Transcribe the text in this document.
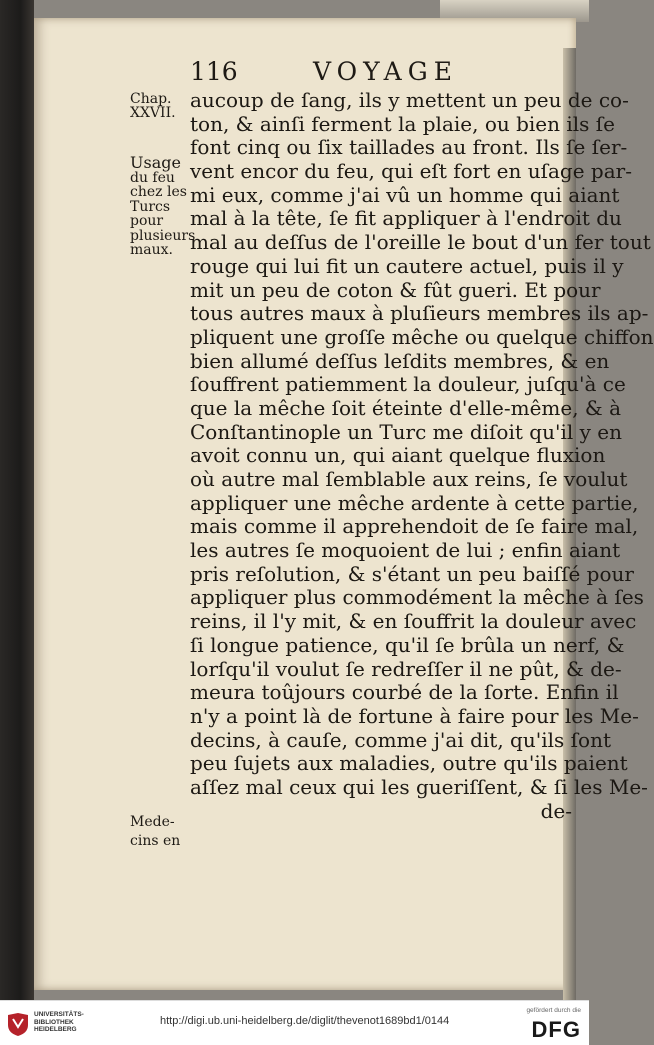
116	VOYAGE
Chap.
XXVII.
Usage
du feu
chez les
Turcs
pour
plusieurs
maux.
Mede-
cins en
aucoup de ſang, ils y mettent un peu de co-
ton, & ainſi ferment la plaie, ou bien ils ſe
font cinq ou ſix taillades au front. Ils ſe ſer-
vent encor du feu, qui eſt fort en uſage par-
mi eux, comme j'ai vû un homme qui aiant
mal à la tête, ſe fit appliquer à l'endroit du
mal au deſſus de l'oreille le bout d'un fer tout
rouge qui lui fit un cautere actuel, puis il y
mit un peu de coton & fût gueri. Et pour
tous autres maux à pluſieurs membres ils ap-
pliquent une groſſe mêche ou quelque chiffon
bien allumé deſſus leſdits membres, & en
ſouffrent patiemment la douleur, juſqu'à ce
que la mêche ſoit éteinte d'elle-même, & à
Conſtantinople un Turc me diſoit qu'il y en
avoit connu un, qui aiant quelque fluxion
où autre mal ſemblable aux reins, ſe voulut
appliquer une mêche ardente à cette partie,
mais comme il apprehendoit de ſe faire mal,
les autres ſe moquoient de lui ; enfin aiant
pris reſolution, & s'étant un peu baiſſé pour
appliquer plus commodément la mêche à ſes
reins, il l'y mit, & en ſouffrit la douleur avec
ſi longue patience, qu'il ſe brûla un nerf, &
lorſqu'il voulut ſe redreſſer il ne pût, & de-
meura toûjours courbé de la ſorte. Enfin il
n'y a point là de fortune à faire pour les Me-
decins, à cauſe, comme j'ai dit, qu'ils ſont
peu ſujets aux maladies, outre qu'ils paient
aſſez mal ceux qui les gueriſſent, & ſi les Me-
de-
UNIVERSITÄTS-
BIBLIOTHEK
HEIDELBERG
http://digi.ub.uni-heidelberg.de/diglit/thevenot1689bd1/0144
gefördert durch die
DFG
